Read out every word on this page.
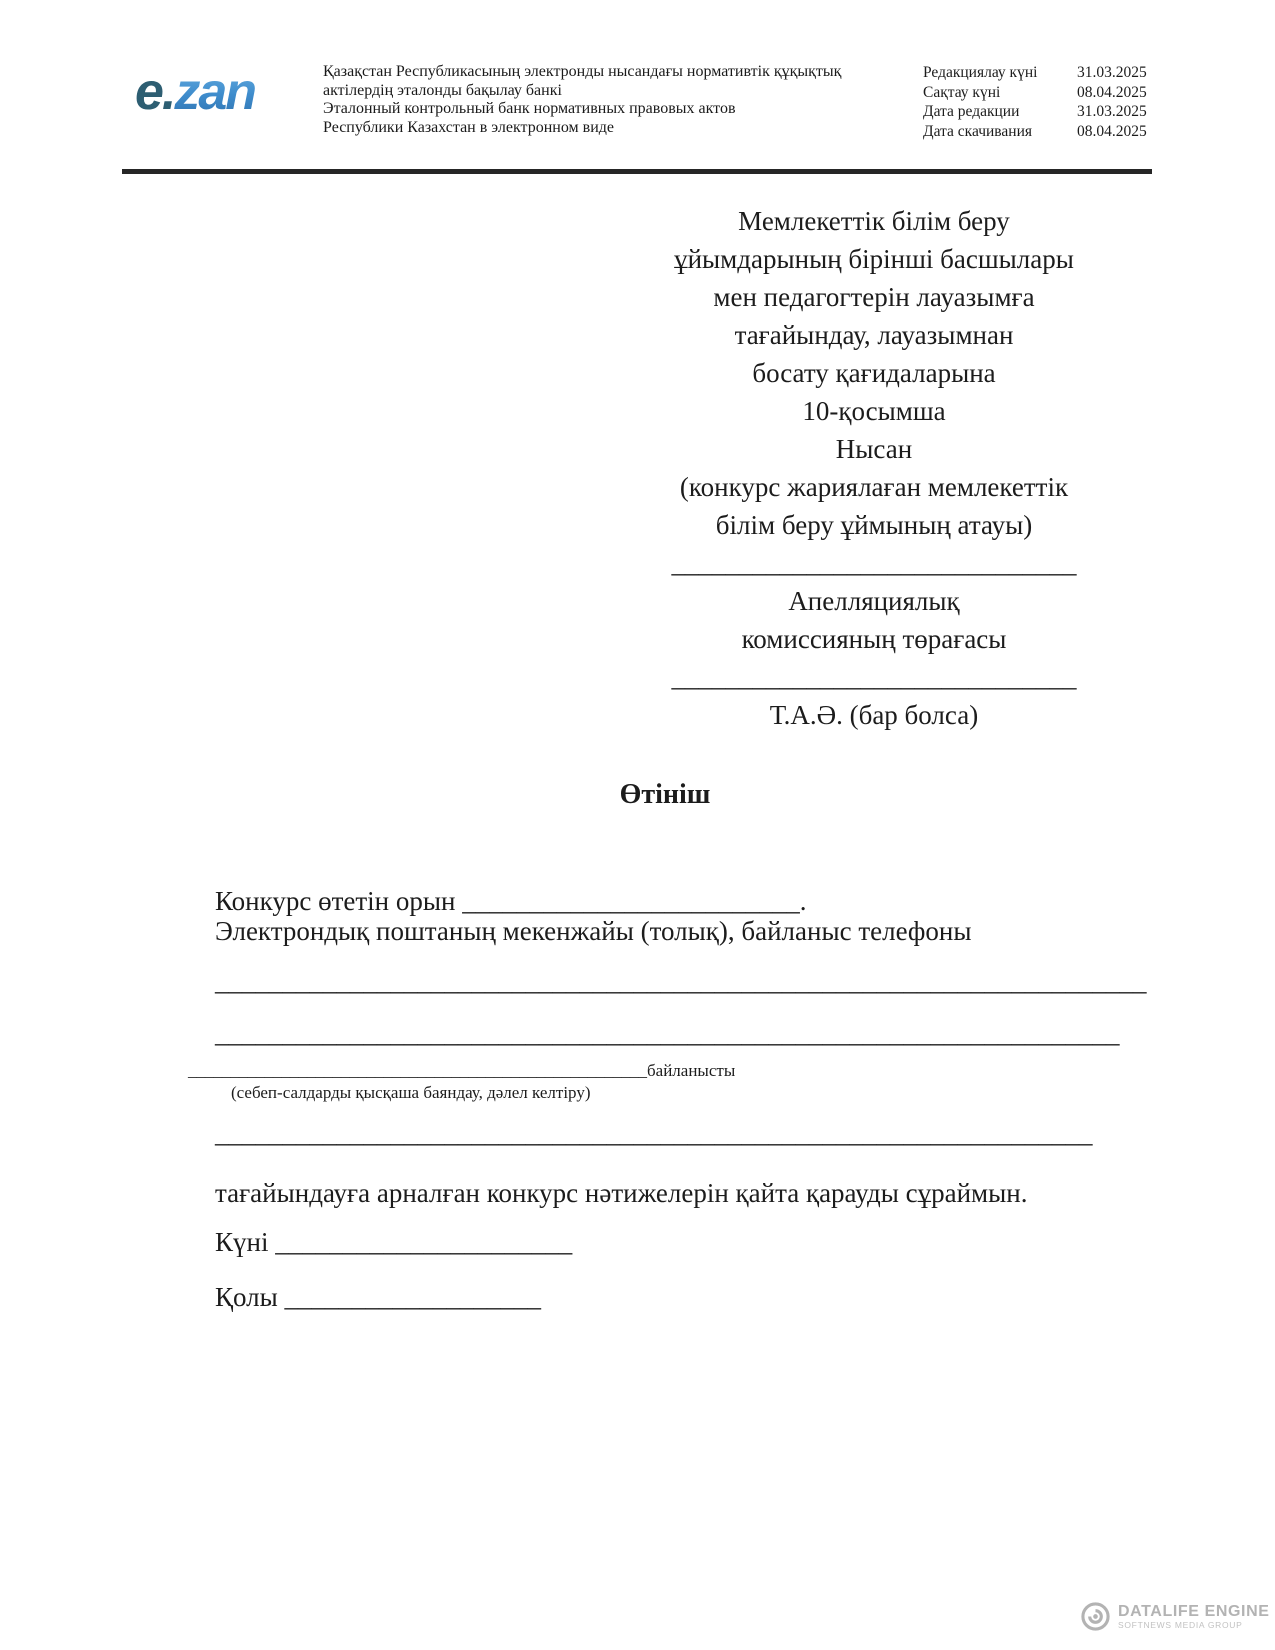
e.zan	Қазақстан Республикасының электронды нысандағы нормативтік құқықтық
актілердің эталонды бақылау банкі
Эталонный контрольный банк нормативных правовых актов
Республики Казахстан в электронном виде
Редакциялау күні	31.03.2025
Сақтау күні	08.04.2025
Дата редакции	31.03.2025
Дата скачивания	08.04.2025
Мемлекеттік білім беру
ұйымдарының бірінші басшылары
мен педагогтерін лауазымға
тағайындау, лауазымнан
босату қағидаларына
10-қосымша
Нысан
(конкурс жариялаған мемлекеттік
білім беру ұймының атауы)
______________________________
Апелляциялық
комиссияның төрағасы
______________________________
Т.А.Ә. (бар болса)
Өтініш
Конкурс өтетін орын _________________________.
Электрондық поштаның мекенжайы (толық), байланыс телефоны
_____________________________________________________________________
___________________________________________________________________
______________________________________________________байланысты
(себеп-салдарды қысқаша баяндау, дәлел келтіру)
_________________________________________________________________
тағайындауға арналған конкурс нәтижелерін қайта қарауды сұраймын.
Күні ______________________
Қолы ___________________
DATALIFE ENGINE
SOFTNEWS MEDIA GROUP
